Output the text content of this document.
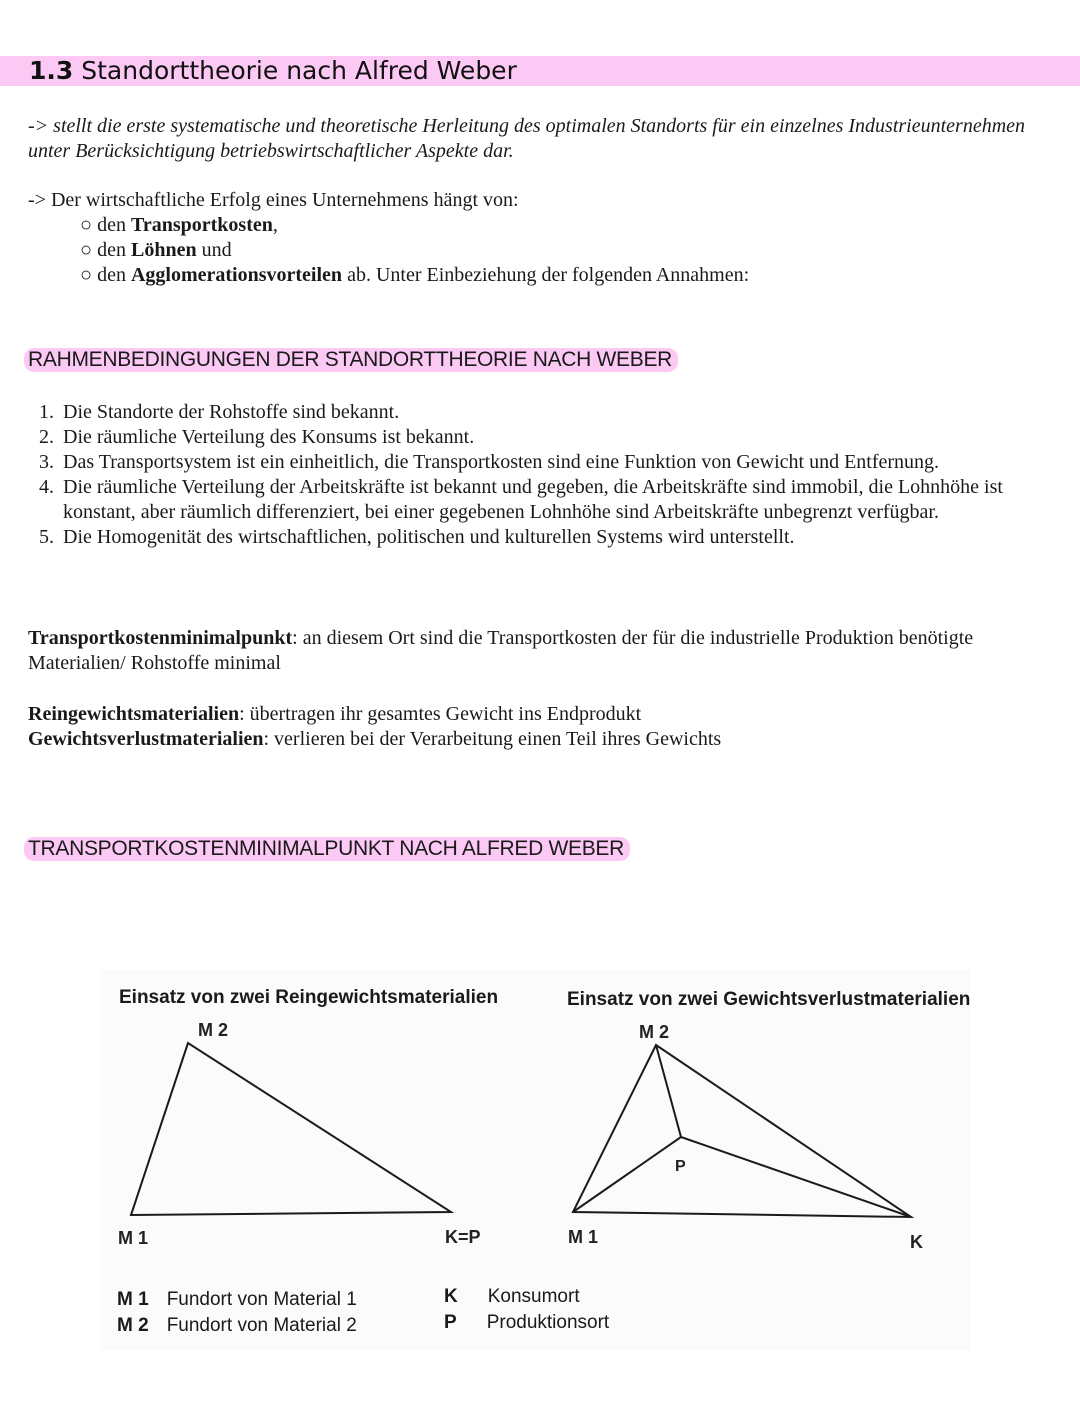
1.3 Standorttheorie nach Alfred Weber
-> stellt die erste systematische und theoretische Herleitung des optimalen Standorts für ein einzelnes Industrieunternehmen unter Berücksichtigung betriebswirtschaftlicher Aspekte dar.
-> Der wirtschaftliche Erfolg eines Unternehmens hängt von:
○ den Transportkosten,
○ den Löhnen und
○ den Agglomerationsvorteilen ab. Unter Einbeziehung der folgenden Annahmen:
RAHMENBEDINGUNGEN DER STANDORTTHEORIE NACH WEBER
1. Die Standorte der Rohstoffe sind bekannt.
2. Die räumliche Verteilung des Konsums ist bekannt.
3. Das Transportsystem ist ein einheitlich, die Transportkosten sind eine Funktion von Gewicht und Entfernung.
4. Die räumliche Verteilung der Arbeitskräfte ist bekannt und gegeben, die Arbeitskräfte sind immobil, die Lohnhöhe ist konstant, aber räumlich differenziert, bei einer gegebenen Lohnhöhe sind Arbeitskräfte unbegrenzt verfügbar.
5. Die Homogenität des wirtschaftlichen, politischen und kulturellen Systems wird unterstellt.
Transportkostenminimalpunkt: an diesem Ort sind die Transportkosten der für die industrielle Produktion benötigte Materialien/ Rohstoffe minimal
Reingewichtsmaterialien: übertragen ihr gesamtes Gewicht ins Endprodukt
Gewichtsverlustmaterialien: verlieren bei der Verarbeitung einen Teil ihres Gewichts
TRANSPORTKOSTENMINIMALPUNKT NACH ALFRED WEBER
Einsatz von zwei Reingewichtsmaterialien	Einsatz von zwei Gewichtsverlustmaterialien
M 2
M 1	K=P
M 2
M 1
P
K
M 1 Fundort von Material 1
M 2 Fundort von Material 2
K Konsumort
P Produktionsort
